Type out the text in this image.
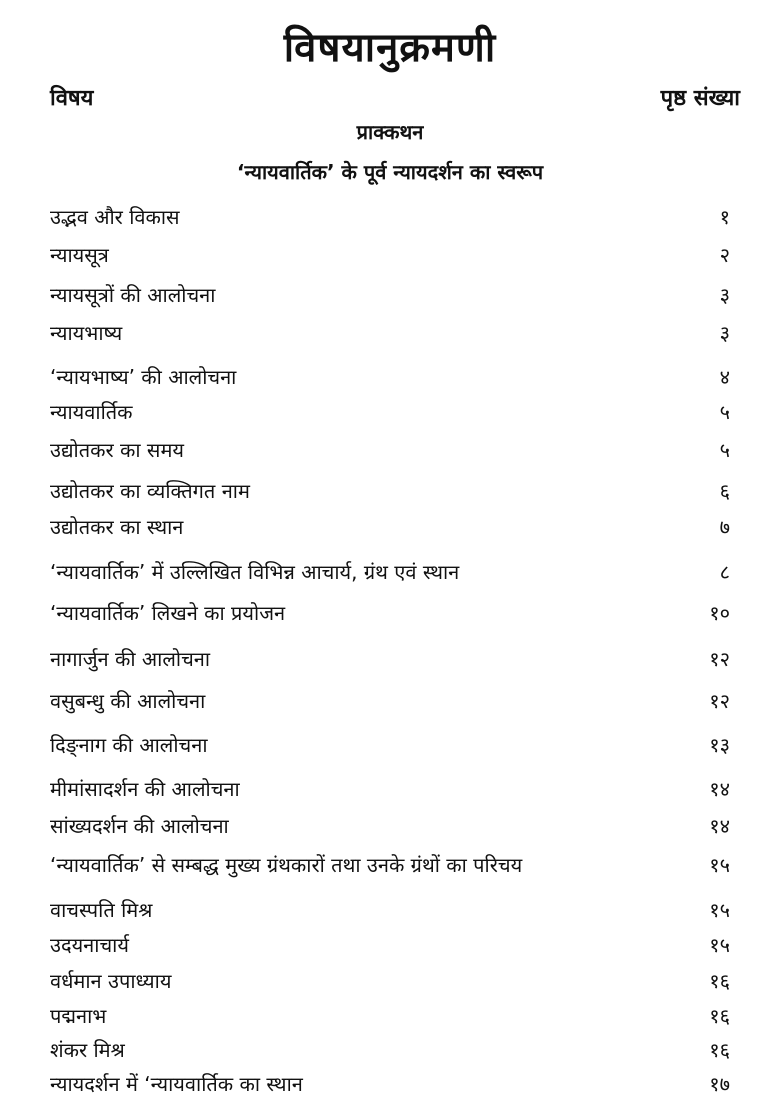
विषयानुक्रमणी
विषय	पृष्ठ संख्या
प्राक्कथन
‘न्यायवार्तिक’ के पूर्व न्यायदर्शन का स्वरूप
उद्भव और विकास	१
न्यायसूत्र	२
न्यायसूत्रों की आलोचना	३
न्यायभाष्य	३
‘न्यायभाष्य’ की आलोचना	४
न्यायवार्तिक	५
उद्योतकर का समय	५
उद्योतकर का व्यक्तिगत नाम	६
उद्योतकर का स्थान	७
‘न्यायवार्तिक’ में उल्लिखित विभिन्न आचार्य, ग्रंथ एवं स्थान	८
‘न्यायवार्तिक’ लिखने का प्रयोजन	१०
नागार्जुन की आलोचना	१२
वसुबन्धु की आलोचना	१२
दिङ्नाग की आलोचना	१३
मीमांसादर्शन की आलोचना	१४
सांख्यदर्शन की आलोचना	१४
‘न्यायवार्तिक’ से सम्बद्ध मुख्य ग्रंथकारों तथा उनके ग्रंथों का परिचय	१५
वाचस्पति मिश्र	१५
उदयनाचार्य	१५
वर्धमान उपाध्याय	१६
पद्मनाभ	१६
शंकर मिश्र	१६
न्यायदर्शन में ‘न्यायवार्तिक का स्थान	१७
